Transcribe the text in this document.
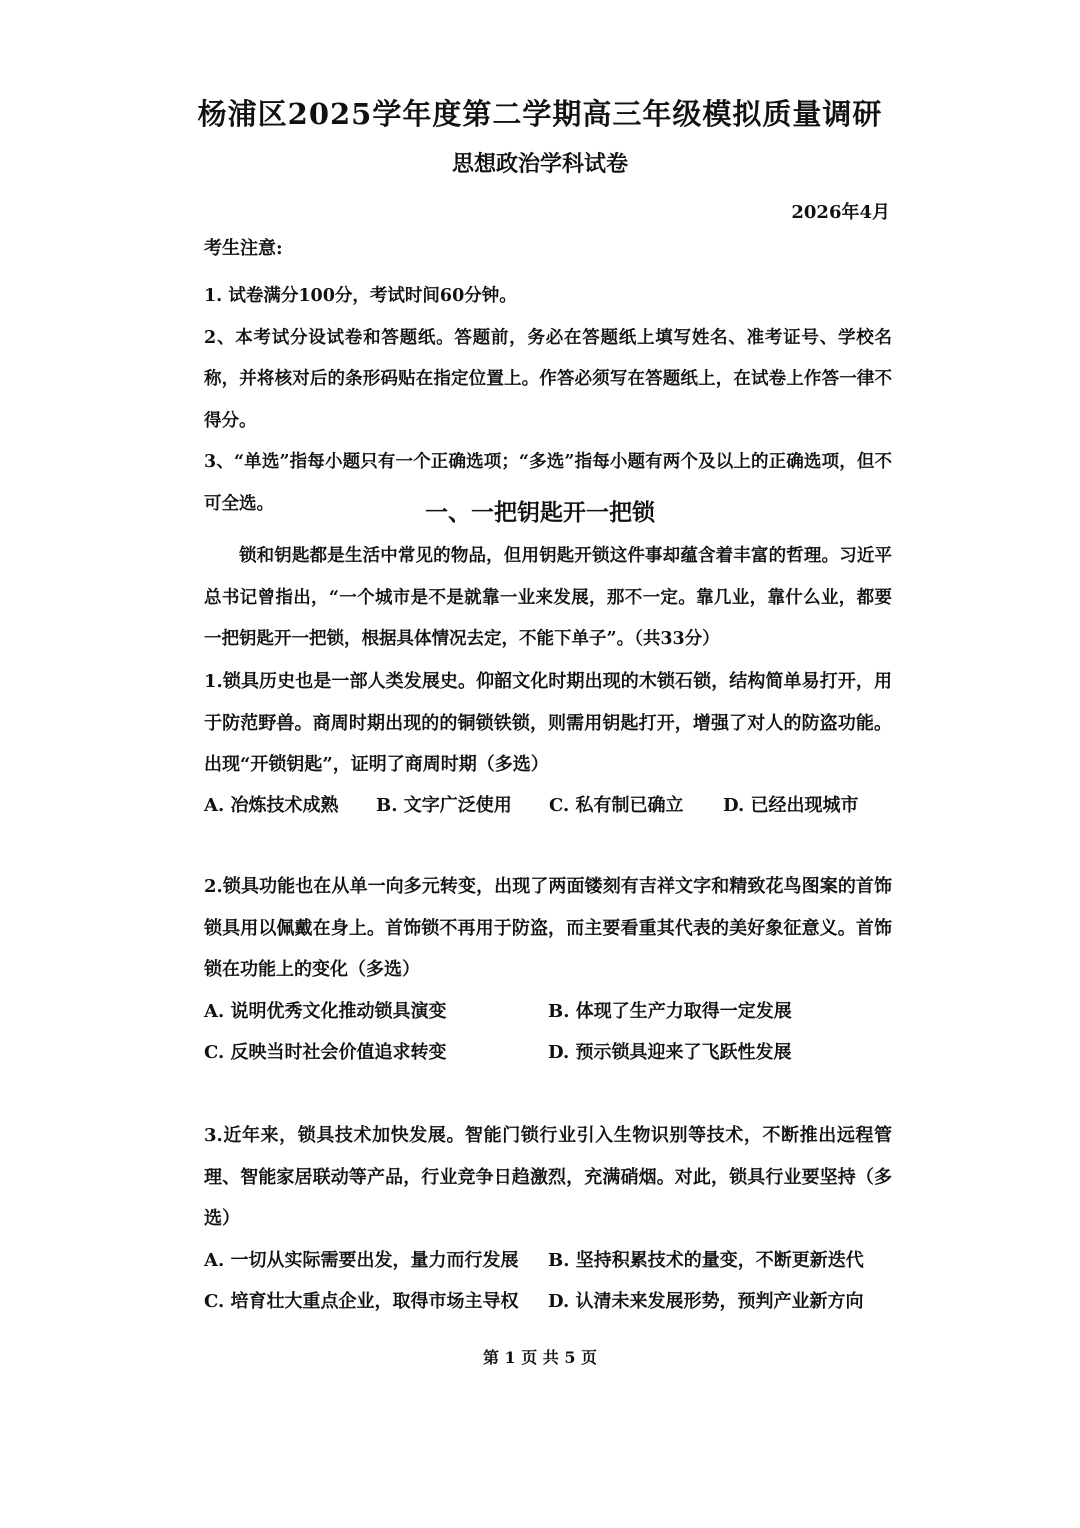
杨浦区2025学年度第二学期高三年级模拟质量调研
思想政治学科试卷
2026年4月
考生注意:
1. 试卷满分100分，考试时间60分钟。
2、本考试分设试卷和答题纸。答题前，务必在答题纸上填写姓名、准考证号、学校名称，并将核对后的条形码贴在指定位置上。作答必须写在答题纸上，在试卷上作答一律不得分。
3、“单选”指每小题只有一个正确选项；“多选”指每小题有两个及以上的正确选项，但不可全选。	一、一把钥匙开一把锁
锁和钥匙都是生活中常见的物品，但用钥匙开锁这件事却蕴含着丰富的哲理。习近平总书记曾指出，“一个城市是不是就靠一业来发展，那不一定。靠几业，靠什么业，都要一把钥匙开一把锁，根据具体情况去定，不能下单子”。（共33分）
1.锁具历史也是一部人类发展史。仰韶文化时期出现的木锁石锁，结构简单易打开，用于防范野兽。商周时期出现的的铜锁铁锁，则需用钥匙打开，增强了对人的防盗功能。出现“开锁钥匙”，证明了商周时期（多选）
A. 冶炼技术成熟	B. 文字广泛使用	C. 私有制已确立	D. 已经出现城市
2.锁具功能也在从单一向多元转变，出现了两面镂刻有吉祥文字和精致花鸟图案的首饰锁具用以佩戴在身上。首饰锁不再用于防盗，而主要看重其代表的美好象征意义。首饰锁在功能上的变化（多选）
A. 说明优秀文化推动锁具演变	B. 体现了生产力取得一定发展
C. 反映当时社会价值追求转变	D. 预示锁具迎来了飞跃性发展
3.近年来，锁具技术加快发展。智能门锁行业引入生物识别等技术，不断推出远程管理、智能家居联动等产品，行业竞争日趋激烈，充满硝烟。对此，锁具行业要坚持（多选）
A. 一切从实际需要出发，量力而行发展	B. 坚持积累技术的量变，不断更新迭代
C. 培育壮大重点企业，取得市场主导权	D. 认清未来发展形势，预判产业新方向
第 1 页 共 5 页
